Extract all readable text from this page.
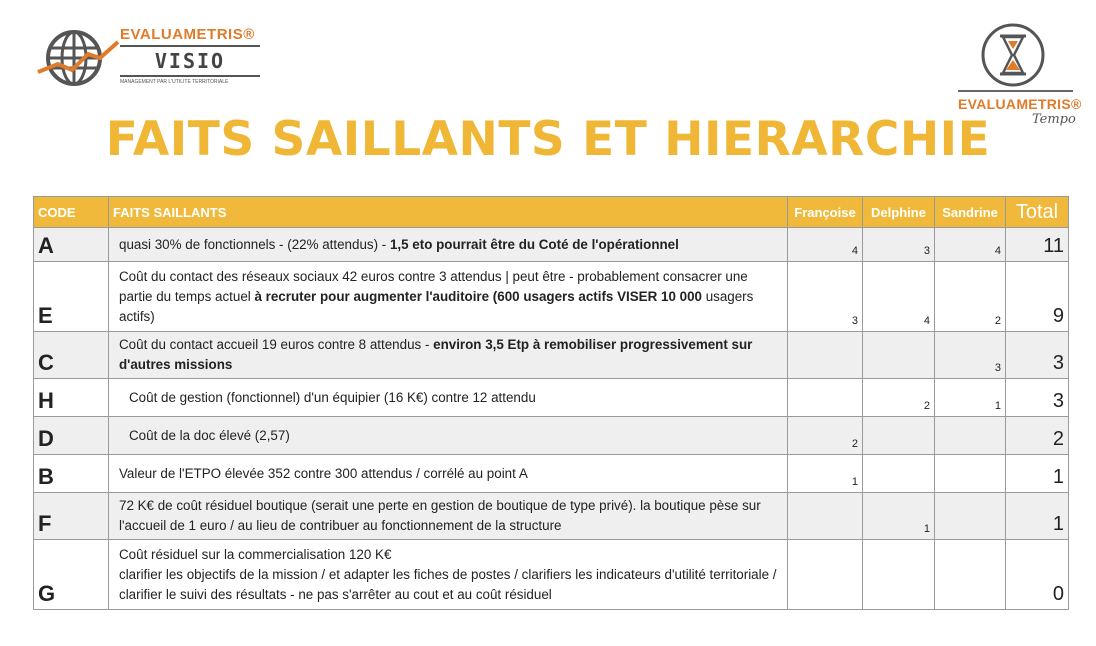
EVALUAMETRIS®
VISIO
MANAGEMENT PAR L'UTILITE TERRITORIALE
EVALUAMETRIS®
Tempo
FAITS SAILLANTS ET HIERARCHIE
CODE	FAITS SAILLANTS	Françoise	Delphine	Sandrine	Total
A	quasi 30% de fonctionnels - (22% attendus) - 1,5 eto pourrait être du Coté de l'opérationnel	4	3	4	11
E	Coût du contact des réseaux sociaux 42 euros contre 3 attendus | peut être - probablement consacrer une partie du temps actuel à recruter pour augmenter l'auditoire (600 usagers actifs VISER 10 000 usagers actifs)	3	4	2	9
C	Coût du contact accueil 19 euros contre 8 attendus - environ 3,5 Etp à remobiliser progressivement sur d'autres missions			3	3
H	Coût de gestion (fonctionnel) d'un équipier (16 K€) contre 12 attendu		2	1	3
D	Coût de la doc élevé (2,57)	2			2
B	Valeur de l'ETPO élevée 352 contre 300 attendus / corrélé au point A	1			1
F	72 K€ de coût résiduel boutique (serait une perte en gestion de boutique de type privé). la boutique pèse sur l'accueil de 1 euro / au lieu de contribuer au fonctionnement de la structure		1		1
G	Coût résiduel sur la commercialisation 120 K€
clarifier les objectifs de la mission / et adapter les fiches de postes / clarifiers les indicateurs d'utilité territoriale / clarifier le suivi des résultats - ne pas s'arrêter au cout et au coût résiduel				0
